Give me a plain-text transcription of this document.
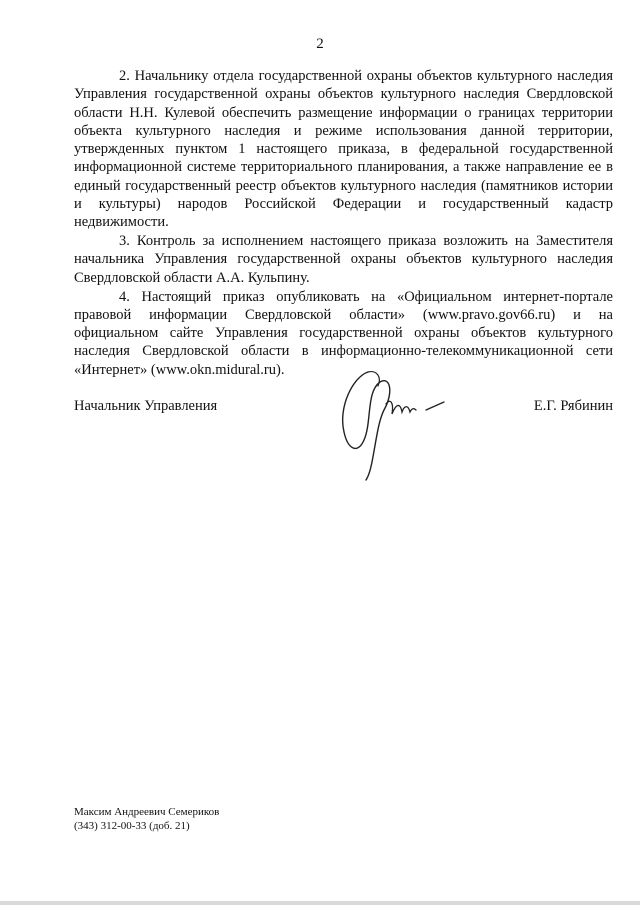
2

2. Начальнику отдела государственной охраны объектов культурного наследия Управления государственной охраны объектов культурного наследия Свердловской области Н.Н. Кулевой обеспечить размещение информации о границах территории объекта культурного наследия и режиме использования данной территории, утвержденных пунктом 1 настоящего приказа, в федеральной государственной информационной системе территориального планирования, а также направление ее в единый государственный реестр объектов культурного наследия (памятников истории и культуры) народов Российской Федерации и государственный кадастр недвижимости.

3. Контроль за исполнением настоящего приказа возложить на Заместителя начальника Управления государственной охраны объектов культурного наследия Свердловской области А.А. Кульпину.

4. Настоящий приказ опубликовать на «Официальном интернет-портале правовой информации Свердловской области» (www.pravo.gov66.ru) и на официальном сайте Управления государственной охраны объектов культурного наследия Свердловской области в информационно-телекоммуникационной сети «Интернет» (www.okn.midural.ru).

Начальник Управления	Е.Г. Рябинин
Максим Андреевич Семериков
(343) 312-00-33 (доб. 21)
